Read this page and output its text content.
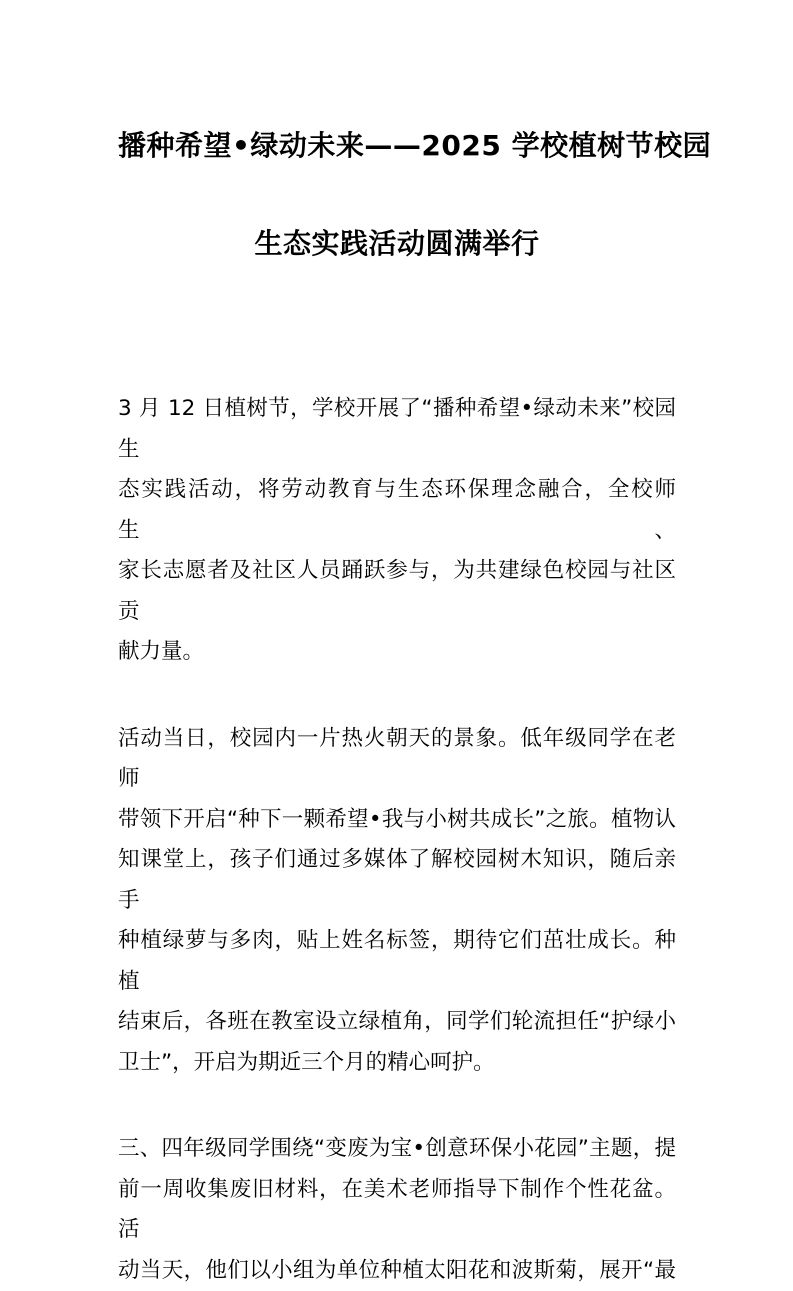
播种希望•绿动未来——2025 学校植树节校园
生态实践活动圆满举行
3 月 12 日植树节，学校开展了“播种希望•绿动未来”校园生
态实践活动，将劳动教育与生态环保理念融合，全校师生、
家长志愿者及社区人员踊跃参与，为共建绿色校园与社区贡
献力量。
活动当日，校园内一片热火朝天的景象。低年级同学在老师
带领下开启“种下一颗希望•我与小树共成长”之旅。植物认
知课堂上，孩子们通过多媒体了解校园树木知识，随后亲手
种植绿萝与多肉，贴上姓名标签，期待它们茁壮成长。种植
结束后，各班在教室设立绿植角，同学们轮流担任“护绿小
卫士”，开启为期近三个月的精心呵护。
三、四年级同学围绕“变废为宝•创意环保小花园”主题，提
前一周收集废旧材料，在美术老师指导下制作个性花盆。活
动当天，他们以小组为单位种植太阳花和波斯菊，展开“最
